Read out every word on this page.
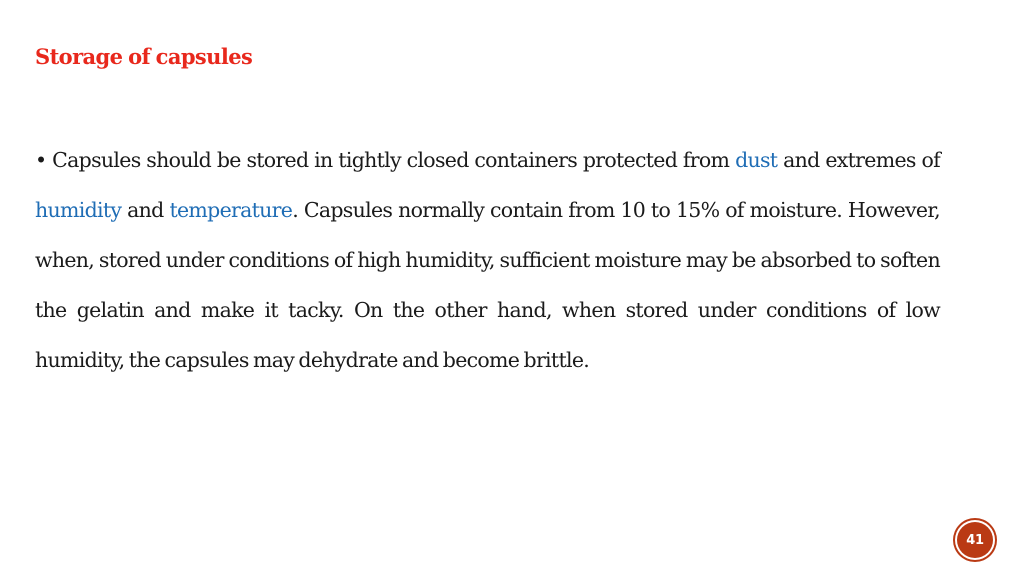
Storage of capsules
• Capsules should be stored in tightly closed containers protected from dust and extremes of humidity and temperature. Capsules normally contain from 10 to 15% of moisture. However, when, stored under conditions of high humidity, sufficient moisture may be absorbed to soften the gelatin and make it tacky. On the other hand, when stored under conditions of low humidity, the capsules may dehydrate and become brittle.
41
